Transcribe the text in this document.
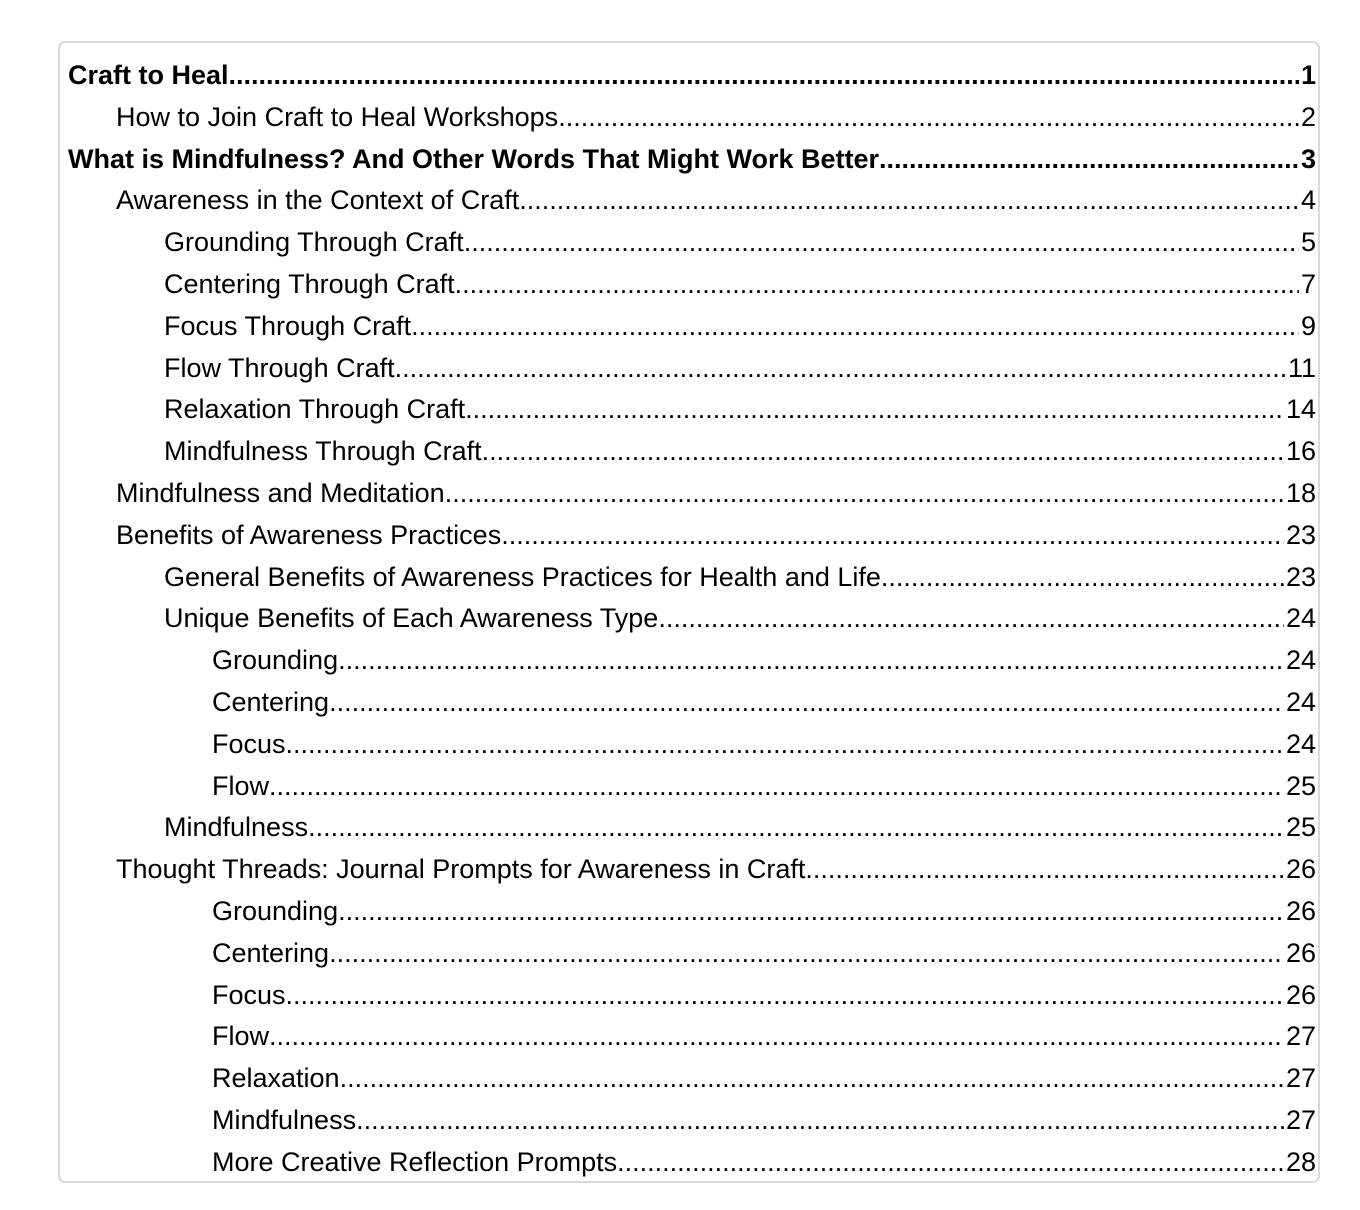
Craft to Heal .....	1
How to Join Craft to Heal Workshops .....	2
What is Mindfulness? And Other Words That Might Work Better .....	3
Awareness in the Context of Craft .....	4
Grounding Through Craft .....	5
Centering Through Craft .....	7
Focus Through Craft .....	9
Flow Through Craft .....	11
Relaxation Through Craft .....	14
Mindfulness Through Craft .....	16
Mindfulness and Meditation .....	18
Benefits of Awareness Practices .....	23
General Benefits of Awareness Practices for Health and Life .....	23
Unique Benefits of Each Awareness Type .....	24
Grounding .....	24
Centering .....	24
Focus .....	24
Flow .....	25
Mindfulness .....	25
Thought Threads: Journal Prompts for Awareness in Craft .....	26
Grounding .....	26
Centering .....	26
Focus .....	26
Flow .....	27
Relaxation .....	27
Mindfulness .....	27
More Creative Reflection Prompts .....	28
